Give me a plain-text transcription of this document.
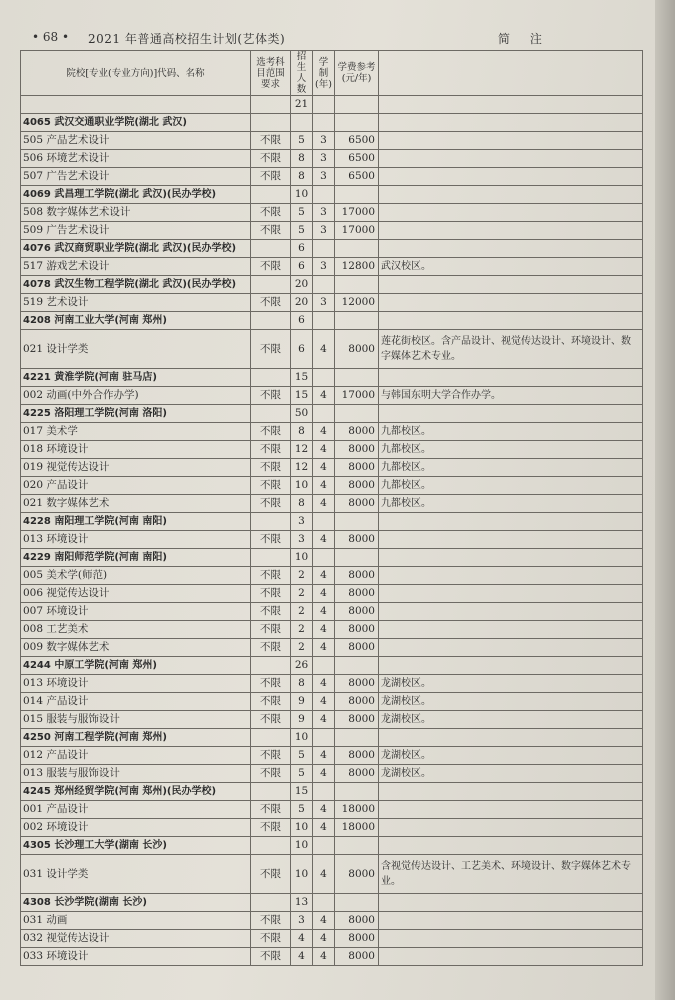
• 68 • 2021 年普通高校招生计划(艺体类)	简 注
院校[专业(专业方向)]代码、名称	选考科目范围要求	招生人数	学制(年)	学费参考(元/年)	
		21			
4065 武汉交通职业学院(湖北 武汉)					
505 产品艺术设计	不限	5	3	6500	
506 环境艺术设计	不限	8	3	6500	
507 广告艺术设计	不限	8	3	6500	
4069 武昌理工学院(湖北 武汉)(民办学校)		10			
508 数字媒体艺术设计	不限	5	3	17000	
509 广告艺术设计	不限	5	3	17000	
4076 武汉商贸职业学院(湖北 武汉)(民办学校)		6			
517 游戏艺术设计	不限	6	3	12800	武汉校区。
4078 武汉生物工程学院(湖北 武汉)(民办学校)		20			
519 艺术设计	不限	20	3	12000	
4208 河南工业大学(河南 郑州)		6			
021 设计学类	不限	6	4	8000	莲花街校区。含产品设计、视觉传达设计、环境设计、数字媒体艺术专业。
4221 黄淮学院(河南 驻马店)		15			
002 动画(中外合作办学)	不限	15	4	17000	与韩国东明大学合作办学。
4225 洛阳理工学院(河南 洛阳)		50			
017 美术学	不限	8	4	8000	九都校区。
018 环境设计	不限	12	4	8000	九都校区。
019 视觉传达设计	不限	12	4	8000	九都校区。
020 产品设计	不限	10	4	8000	九都校区。
021 数字媒体艺术	不限	8	4	8000	九都校区。
4228 南阳理工学院(河南 南阳)		3			
013 环境设计	不限	3	4	8000	
4229 南阳师范学院(河南 南阳)		10			
005 美术学(师范)	不限	2	4	8000	
006 视觉传达设计	不限	2	4	8000	
007 环境设计	不限	2	4	8000	
008 工艺美术	不限	2	4	8000	
009 数字媒体艺术	不限	2	4	8000	
4244 中原工学院(河南 郑州)		26			
013 环境设计	不限	8	4	8000	龙湖校区。
014 产品设计	不限	9	4	8000	龙湖校区。
015 服装与服饰设计	不限	9	4	8000	龙湖校区。
4250 河南工程学院(河南 郑州)		10			
012 产品设计	不限	5	4	8000	龙湖校区。
013 服装与服饰设计	不限	5	4	8000	龙湖校区。
4245 郑州经贸学院(河南 郑州)(民办学校)		15			
001 产品设计	不限	5	4	18000	
002 环境设计	不限	10	4	18000	
4305 长沙理工大学(湖南 长沙)		10			
031 设计学类	不限	10	4	8000	含视觉传达设计、工艺美术、环境设计、数字媒体艺术专业。
4308 长沙学院(湖南 长沙)		13			
031 动画	不限	3	4	8000	
032 视觉传达设计	不限	4	4	8000	
033 环境设计	不限	4	4	8000	
